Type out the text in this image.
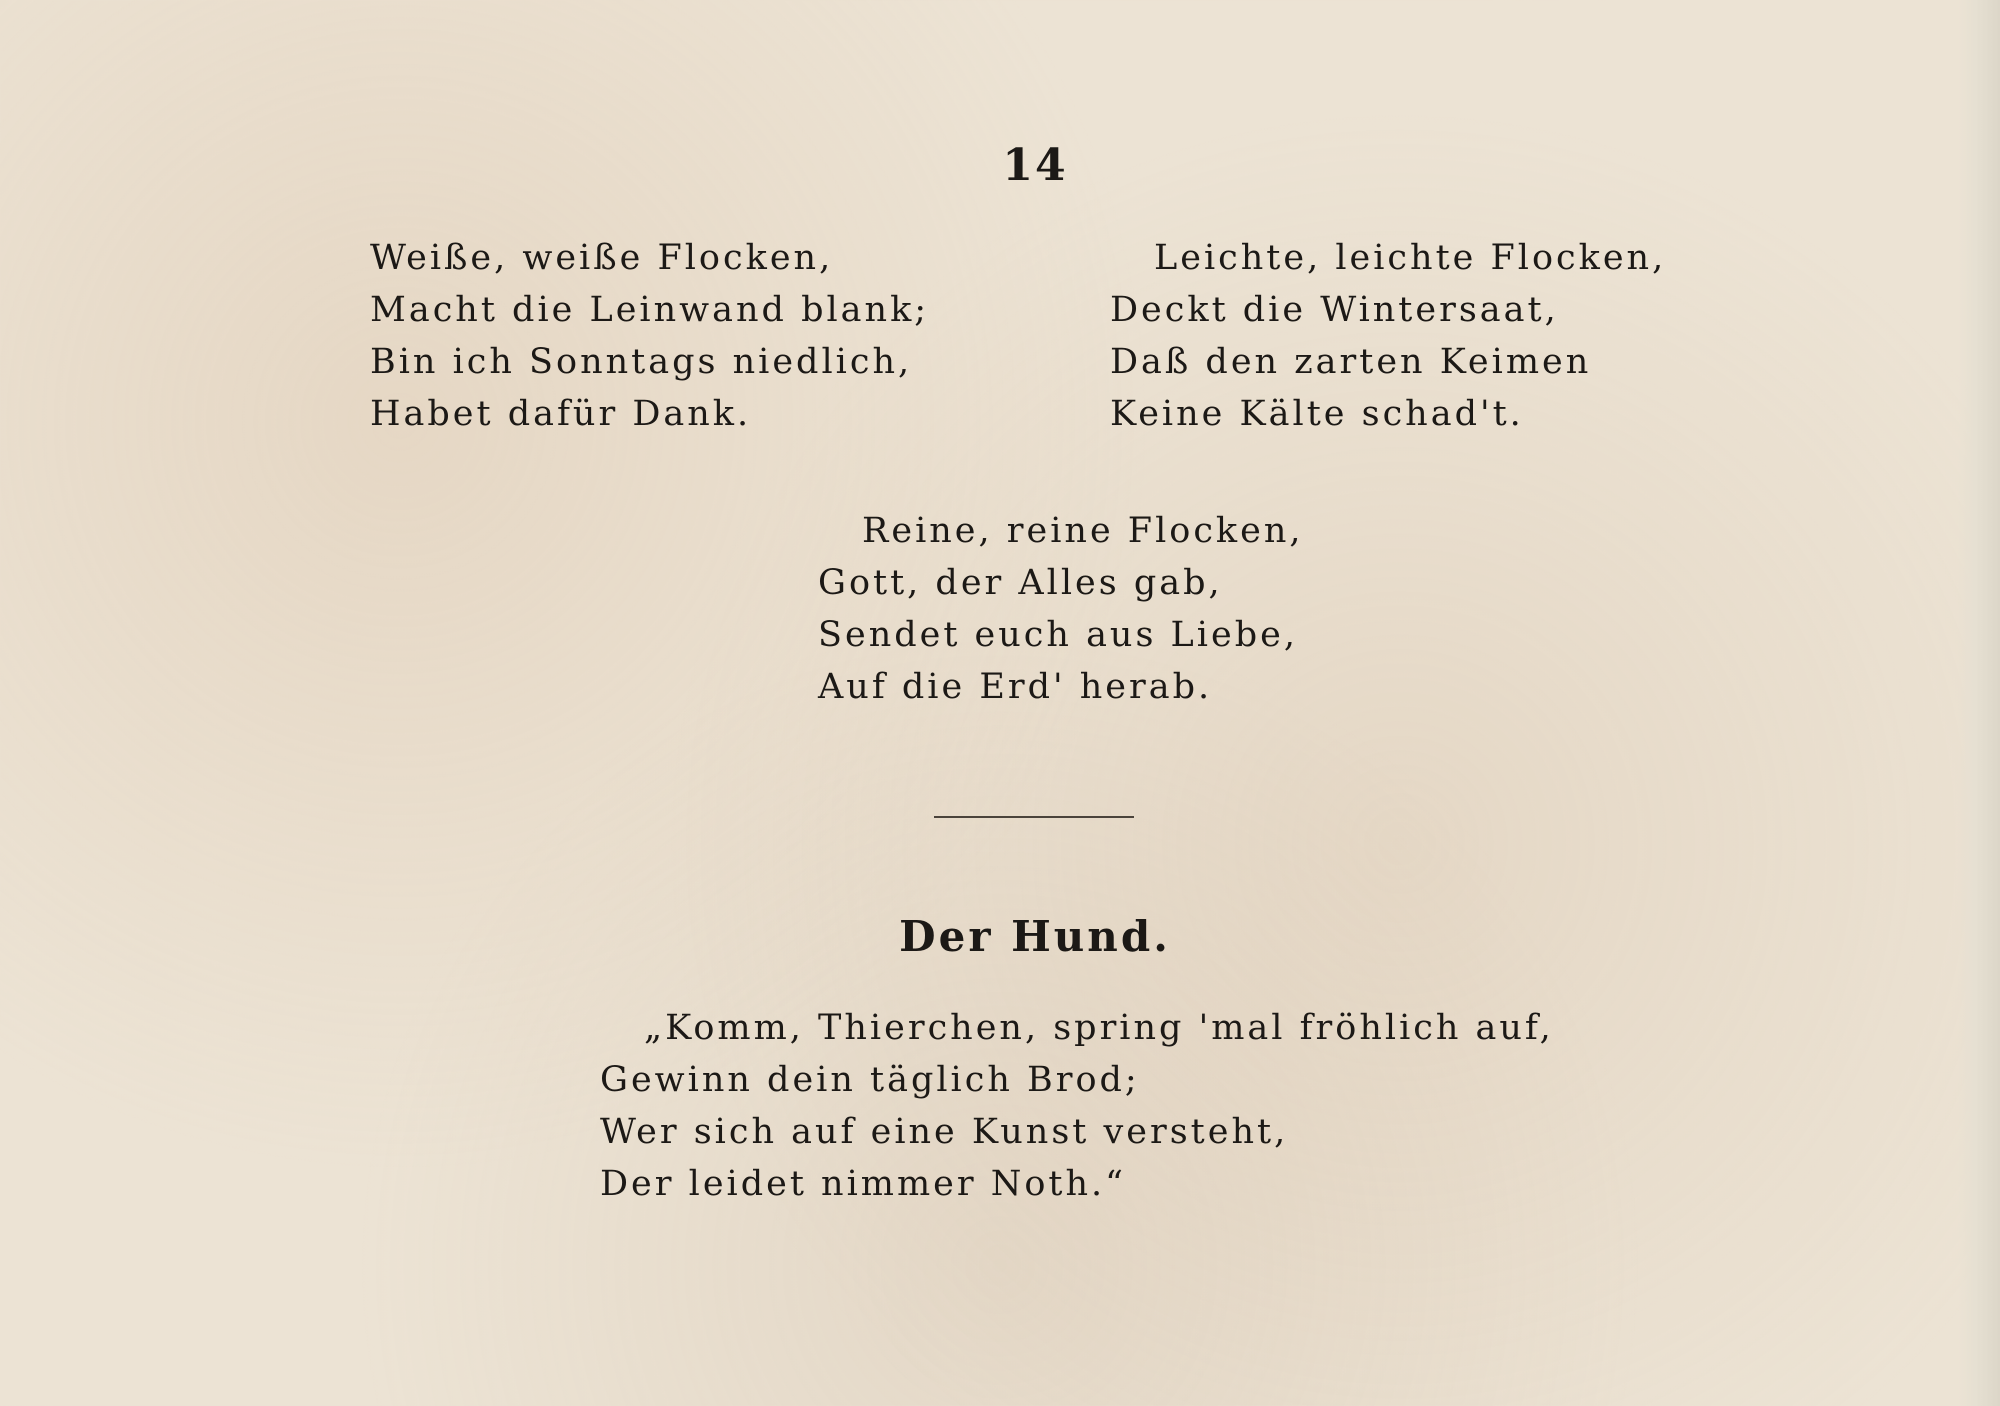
14
Weiße, weiße Flocken,
Macht die Leinwand blank;
Bin ich Sonntags niedlich,
Habet dafür Dank.
Leichte, leichte Flocken,
Deckt die Wintersaat,
Daß den zarten Keimen
Keine Kälte schad't.
Reine, reine Flocken,
Gott, der Alles gab,
Sendet euch aus Liebe,
Auf die Erd' herab.
Der Hund.
„Komm, Thierchen, spring 'mal fröhlich auf,
Gewinn dein täglich Brod;
Wer sich auf eine Kunst versteht,
Der leidet nimmer Noth.“
